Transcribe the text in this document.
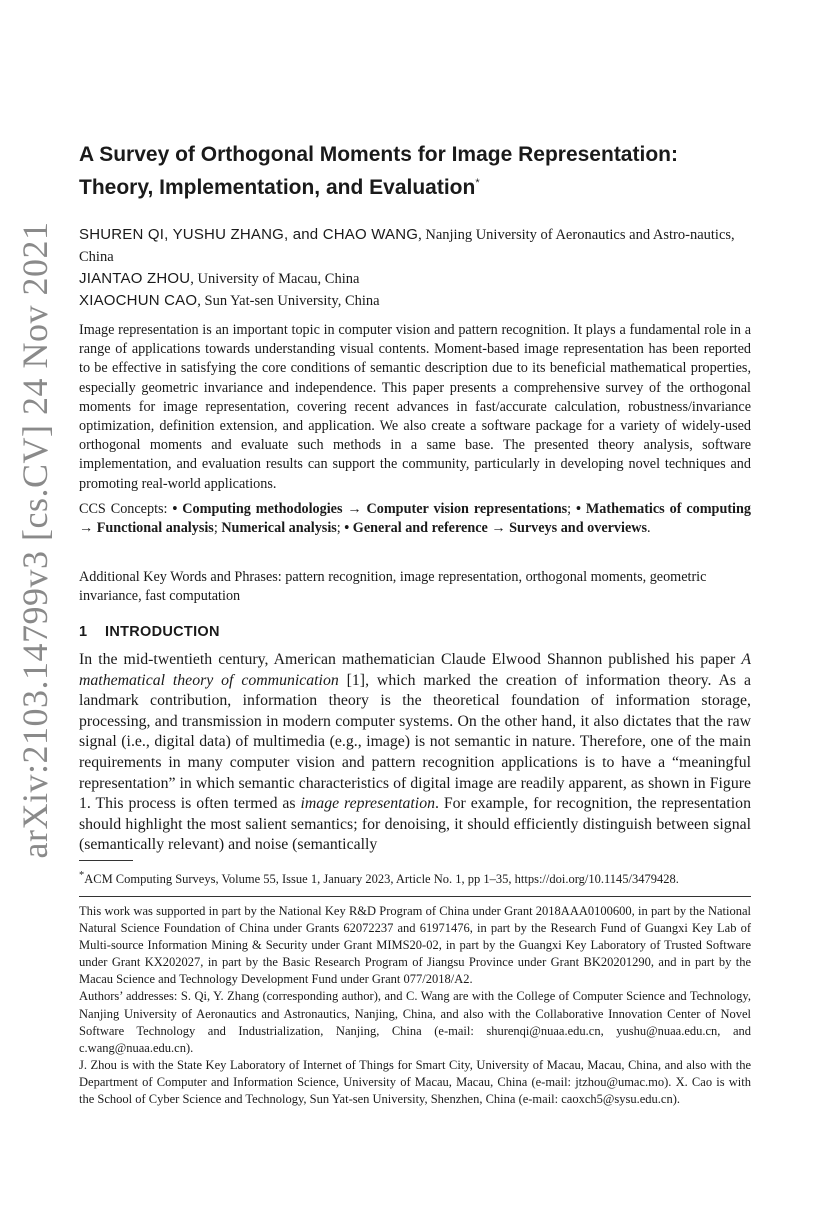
arXiv:2103.14799v3 [cs.CV] 24 Nov 2021
A Survey of Orthogonal Moments for Image Representation:
Theory, Implementation, and Evaluation*
SHUREN QI, YUSHU ZHANG, and CHAO WANG, Nanjing University of Aeronautics and Astro-nautics, China
JIANTAO ZHOU, University of Macau, China
XIAOCHUN CAO, Sun Yat-sen University, China

Image representation is an important topic in computer vision and pattern recognition. It plays a fundamental role in a range of applications towards understanding visual contents. Moment-based image representation has been reported to be effective in satisfying the core conditions of semantic description due to its beneficial mathematical properties, especially geometric invariance and independence. This paper presents a comprehensive survey of the orthogonal moments for image representation, covering recent advances in fast/accurate calculation, robustness/invariance optimization, definition extension, and application. We also create a software package for a variety of widely-used orthogonal moments and evaluate such methods in a same base. The presented theory analysis, software implementation, and evaluation results can support the community, particularly in developing novel techniques and promoting real-world applications.

CCS Concepts: • Computing methodologies → Computer vision representations; • Mathematics of computing → Functional analysis; Numerical analysis; • General and reference → Surveys and overviews.

Additional Key Words and Phrases: pattern recognition, image representation, orthogonal moments, geometric invariance, fast computation

1 INTRODUCTION

In the mid-twentieth century, American mathematician Claude Elwood Shannon published his paper A mathematical theory of communication [1], which marked the creation of information theory. As a landmark contribution, information theory is the theoretical foundation of information storage, processing, and transmission in modern computer systems. On the other hand, it also dictates that the raw signal (i.e., digital data) of multimedia (e.g., image) is not semantic in nature. Therefore, one of the main requirements in many computer vision and pattern recognition applications is to have a “meaningful representation” in which semantic characteristics of digital image are readily apparent, as shown in Figure 1. This process is often termed as image representation. For example, for recognition, the representation should highlight the most salient semantics; for denoising, it should efficiently distinguish between signal (semantically relevant) and noise (semantically

*ACM Computing Surveys, Volume 55, Issue 1, January 2023, Article No. 1, pp 1–35, https://doi.org/10.1145/3479428.

This work was supported in part by the National Key R&D Program of China under Grant 2018AAA0100600, in part by the National Natural Science Foundation of China under Grants 62072237 and 61971476, in part by the Research Fund of Guangxi Key Lab of Multi-source Information Mining & Security under Grant MIMS20-02, in part by the Guangxi Key Laboratory of Trusted Software under Grant KX202027, in part by the Basic Research Program of Jiangsu Province under Grant BK20201290, and in part by the Macau Science and Technology Development Fund under Grant 077/2018/A2.
Authors’ addresses: S. Qi, Y. Zhang (corresponding author), and C. Wang are with the College of Computer Science and Technology, Nanjing University of Aeronautics and Astronautics, Nanjing, China, and also with the Collaborative Innovation Center of Novel Software Technology and Industrialization, Nanjing, China (e-mail: shurenqi@nuaa.edu.cn, yushu@nuaa.edu.cn, and c.wang@nuaa.edu.cn).
J. Zhou is with the State Key Laboratory of Internet of Things for Smart City, University of Macau, Macau, China, and also with the Department of Computer and Information Science, University of Macau, Macau, China (e-mail: jtzhou@umac.mo). X. Cao is with the School of Cyber Science and Technology, Sun Yat-sen University, Shenzhen, China (e-mail: caoxch5@sysu.edu.cn).
